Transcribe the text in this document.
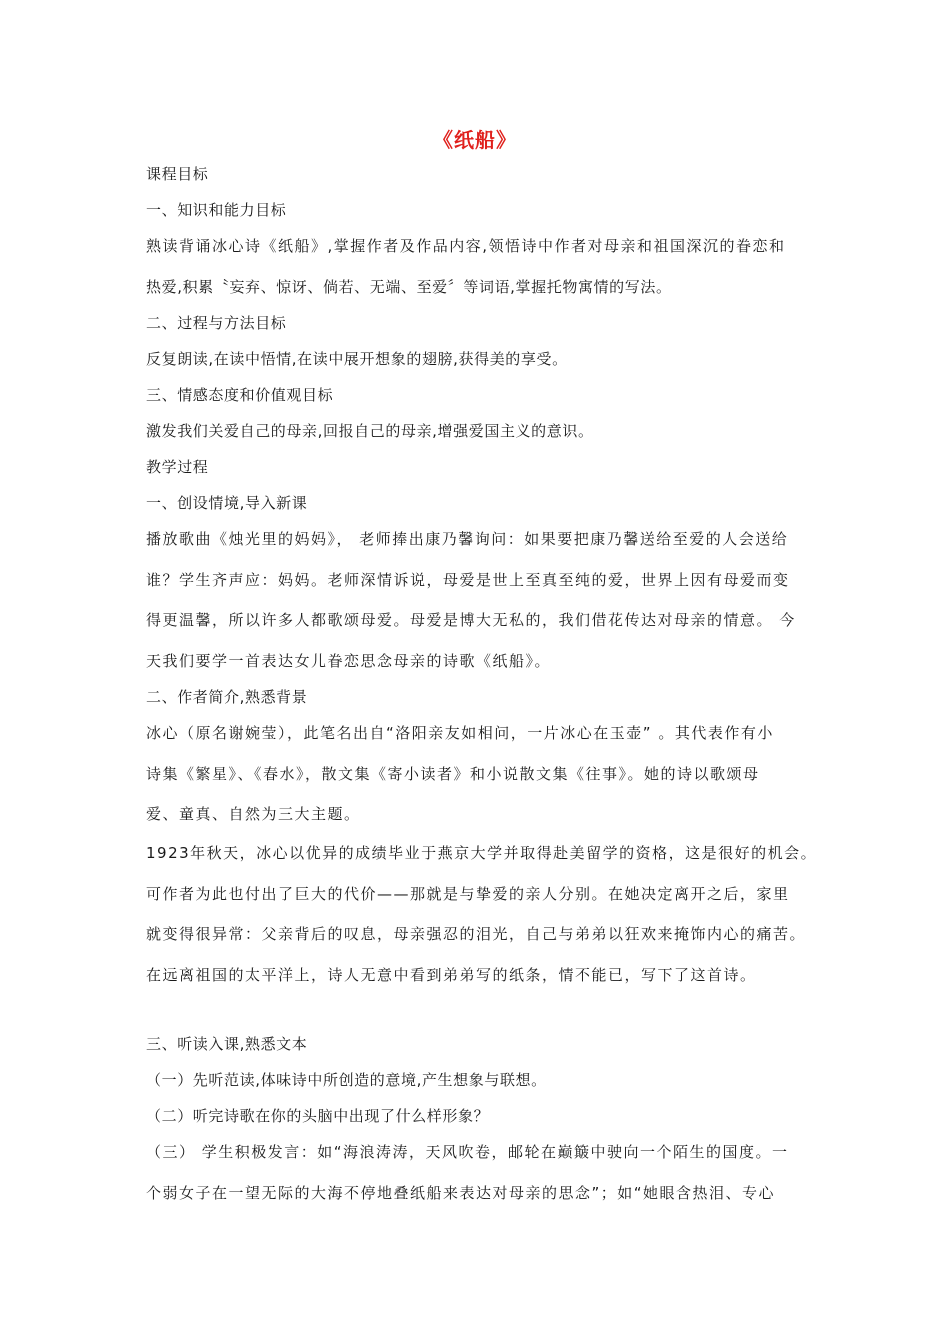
《纸船》
课程目标
一、知识和能力目标
熟读背诵冰心诗《纸船》,掌握作者及作品内容,领悟诗中作者对母亲和祖国深沉的眷恋和
热爱,积累〝妄弃、惊讶、倘若、无端、至爱〞等词语,掌握托物寓情的写法。
二、过程与方法目标
反复朗读,在读中悟情,在读中展开想象的翅膀,获得美的享受。
三、情感态度和价值观目标
激发我们关爱自己的母亲,回报自己的母亲,增强爱国主义的意识。
教学过程
一、创设情境,导入新课
播放歌曲《烛光里的妈妈》， 老师捧出康乃馨询问：如果要把康乃馨送给至爱的人会送给
谁？学生齐声应：妈妈。老师深情诉说，母爱是世上至真至纯的爱，世界上因有母爱而变
得更温馨，所以许多人都歌颂母爱。母爱是博大无私的，我们借花传达对母亲的情意。 今
天我们要学一首表达女儿眷恋思念母亲的诗歌《纸船》。
二、作者简介,熟悉背景
冰心（原名谢婉莹），此笔名出自“洛阳亲友如相问，一片冰心在玉壶” 。其代表作有小
诗集《繁星》、《春水》，散文集《寄小读者》和小说散文集《往事》。她的诗以歌颂母
爱、童真、自然为三大主题。
1923年秋天，冰心以优异的成绩毕业于燕京大学并取得赴美留学的资格，这是很好的机会。
可作者为此也付出了巨大的代价——那就是与挚爱的亲人分别。在她决定离开之后，家里
就变得很异常：父亲背后的叹息，母亲强忍的泪光，自己与弟弟以狂欢来掩饰内心的痛苦。
在远离祖国的太平洋上，诗人无意中看到弟弟写的纸条，情不能已，写下了这首诗。
三、听读入课,熟悉文本
（一）先听范读,体味诗中所创造的意境,产生想象与联想。
（二）听完诗歌在你的头脑中出现了什么样形象？
（三） 学生积极发言：如“海浪涛涛，天风吹卷，邮轮在巅簸中驶向一个陌生的国度。一
个弱女子在一望无际的大海不停地叠纸船来表达对母亲的思念”；如“她眼含热泪、专心
